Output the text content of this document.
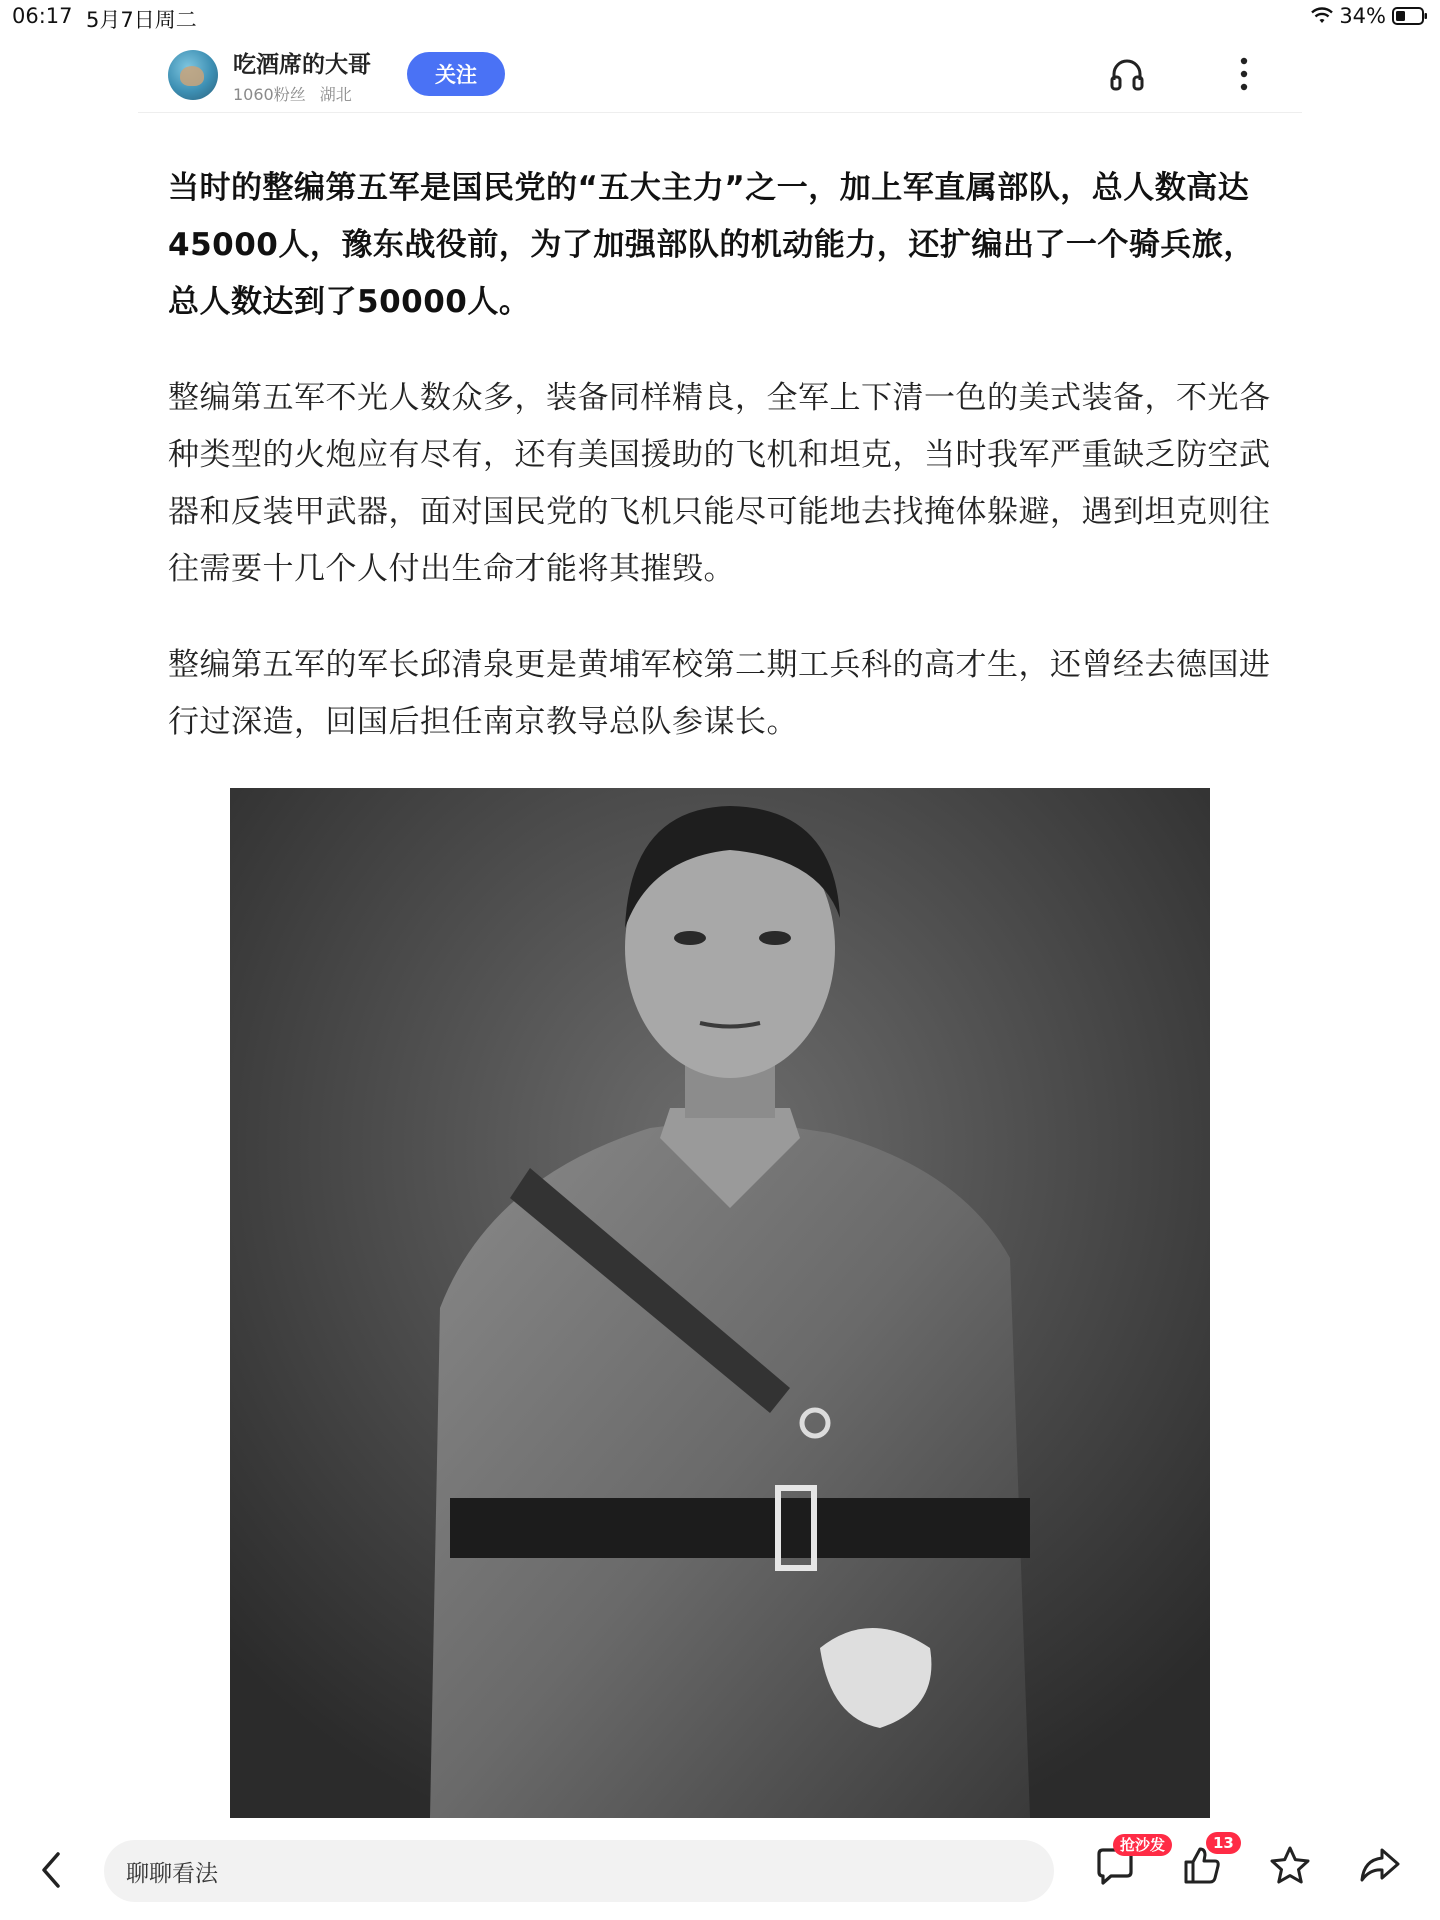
06:17 5月7日周二	34%
吃酒席的大哥
1060粉丝 湖北
关注

当时的整编第五军是国民党的“五大主力”之一，加上军直属部队，总人数高达45000人，豫东战役前，为了加强部队的机动能力，还扩编出了一个骑兵旅，总人数达到了50000人。

整编第五军不光人数众多，装备同样精良，全军上下清一色的美式装备，不光各种类型的火炮应有尽有，还有美国援助的飞机和坦克，当时我军严重缺乏防空武器和反装甲武器，面对国民党的飞机只能尽可能地去找掩体躲避，遇到坦克则往往需要十几个人付出生命才能将其摧毁。

整编第五军的军长邱清泉更是黄埔军校第二期工兵科的高才生，还曾经去德国进行过深造，回国后担任南京教导总队参谋长。

聊聊看法
抢沙发	13
